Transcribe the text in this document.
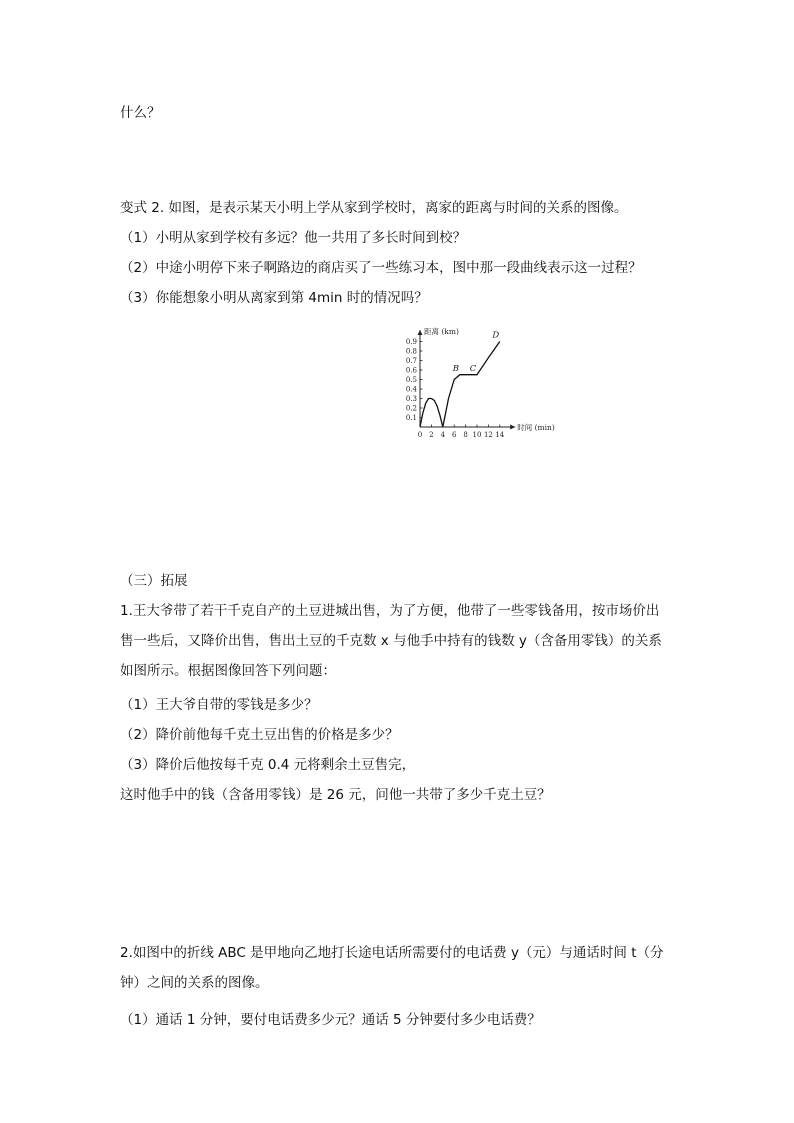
什么？
变式 2. 如图，是表示某天小明上学从家到学校时，离家的距离与时间的关系的图像。
（1）小明从家到学校有多远？他一共用了多长时间到校？
（2）中途小明停下来子啊路边的商店买了一些练习本，图中那一段曲线表示这一过程？
（3）你能想象小明从离家到第 4min 时的情况吗？
0 2 4 6 8 10 12 14
0.1
0.2
0.3
0.4
0.5
0.6
0.7
0.8
0.9
距离 (km)
时间 (min)
B C
D
（三）拓展
1.王大爷带了若干千克自产的土豆进城出售，为了方便，他带了一些零钱备用，按市场价出
售一些后，又降价出售，售出土豆的千克数 x 与他手中持有的钱数 y（含备用零钱）的关系
如图所示。根据图像回答下列问题：
（1）王大爷自带的零钱是多少？
（2）降价前他每千克土豆出售的价格是多少？
（3）降价后他按每千克 0.4 元将剩余土豆售完，
这时他手中的钱（含备用零钱）是 26 元，问他一共带了多少千克土豆？
2.如图中的折线 ABC 是甲地向乙地打长途电话所需要付的电话费 y（元）与通话时间 t（分
钟）之间的关系的图像。
（1）通话 1 分钟，要付电话费多少元？通话 5 分钟要付多少电话费？
